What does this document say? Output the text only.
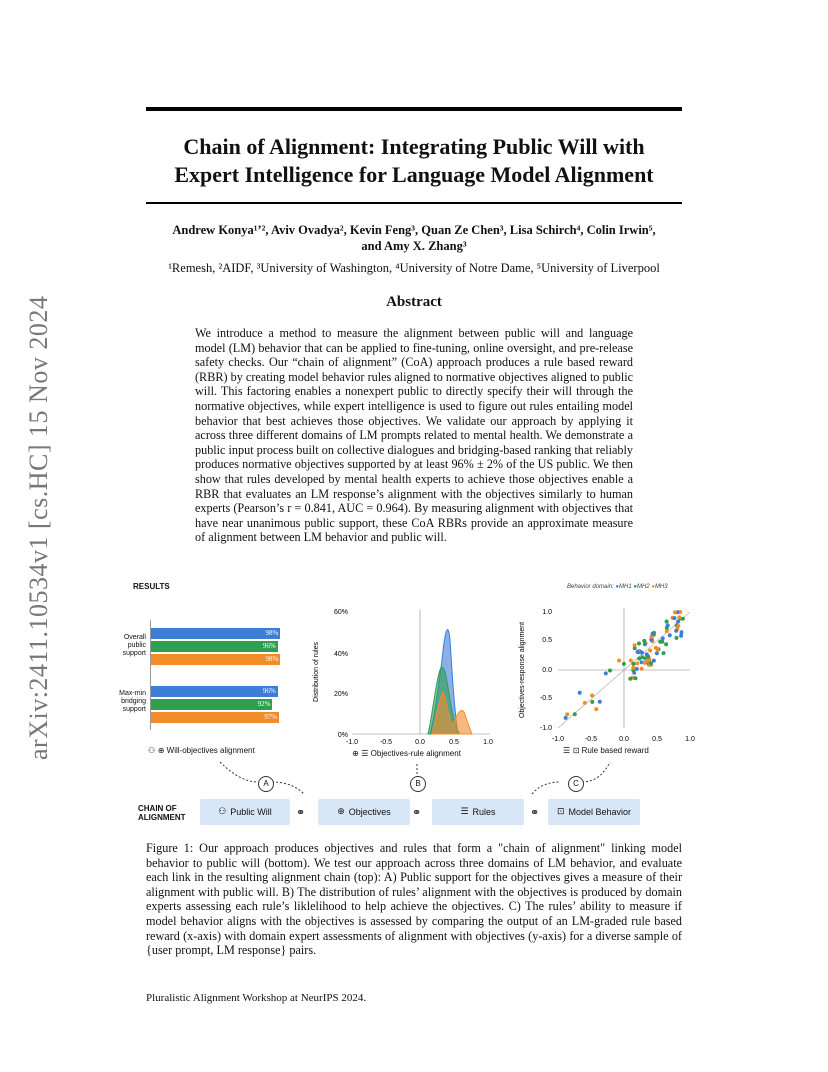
arXiv:2411.10534v1 [cs.HC] 15 Nov 2024
Chain of Alignment: Integrating Public Will with
Expert Intelligence for Language Model Alignment
Andrew Konya¹ʼ², Aviv Ovadya², Kevin Feng³, Quan Ze Chen³, Lisa Schirch⁴, Colin Irwin⁵,
and Amy X. Zhang³
¹Remesh, ²AIDF, ³University of Washington, ⁴University of Notre Dame, ⁵University of Liverpool
Abstract

We introduce a method to measure the alignment between public will and language model (LM) behavior that can be applied to fine-tuning, online oversight, and pre-release safety checks. Our “chain of alignment” (CoA) approach produces a rule based reward (RBR) by creating model behavior rules aligned to normative objectives aligned to public will. This factoring enables a nonexpert public to directly specify their will through the normative objectives, while expert intelligence is used to figure out rules entailing model behavior that best achieves those objectives. We validate our approach by applying it across three different domains of LM prompts related to mental health. We demonstrate a public input process built on collective dialogues and bridging-based ranking that reliably produces normative objectives supported by at least 96% ± 2% of the US public. We then show that rules developed by mental health experts to achieve those objectives enable a RBR that evaluates an LM response’s alignment with the objectives similarly to human experts (Pearson’s r = 0.841, AUC = 0.964). By measuring alignment with objectives that have near unanimous public support, these CoA RBRs provide an approximate measure of alignment between LM behavior and public will.

RESULTS
Overall public support
Max-min bridging support
98%
96%
98%
96%
92%
97%
⚇ ⊕ Will-objectives alignment
Distribution of rules
60%
40%
20%
0%
-1.0	-0.5	0.0	0.5	1.0
⊕ ☰ Objectives-rule alignment
Behavior domain: ●MH1 ●MH2 ●MH3
Objectives-response alignment
1.0
0.5
0.0
-0.5
-1.0
-1.0	-0.5	0.0	0.5	1.0
☰ ⊡ Rule based reward
A	B	C
CHAIN OF
ALIGNMENT
⚇ Public Will ⚭	⊕ Objectives ⚭	☰ Rules	⚭ ⊡ Model Behavior

Figure 1: Our approach produces objectives and rules that form a "chain of alignment" linking model behavior to public will (bottom). We test our approach across three domains of LM behavior, and evaluate each link in the resulting alignment chain (top): A) Public support for the objectives gives a measure of their alignment with public will. B) The distribution of rules’ alignment with the objectives is produced by domain experts assessing each rule’s liklelihood to help achieve the objectives. C) The rules’ ability to measure if model behavior aligns with the objectives is assessed by comparing the output of an LM-graded rule based reward (x-axis) with domain expert assessments of alignment with objectives (y-axis) for a diverse sample of {user prompt, LM response} pairs.

Pluralistic Alignment Workshop at NeurIPS 2024.
